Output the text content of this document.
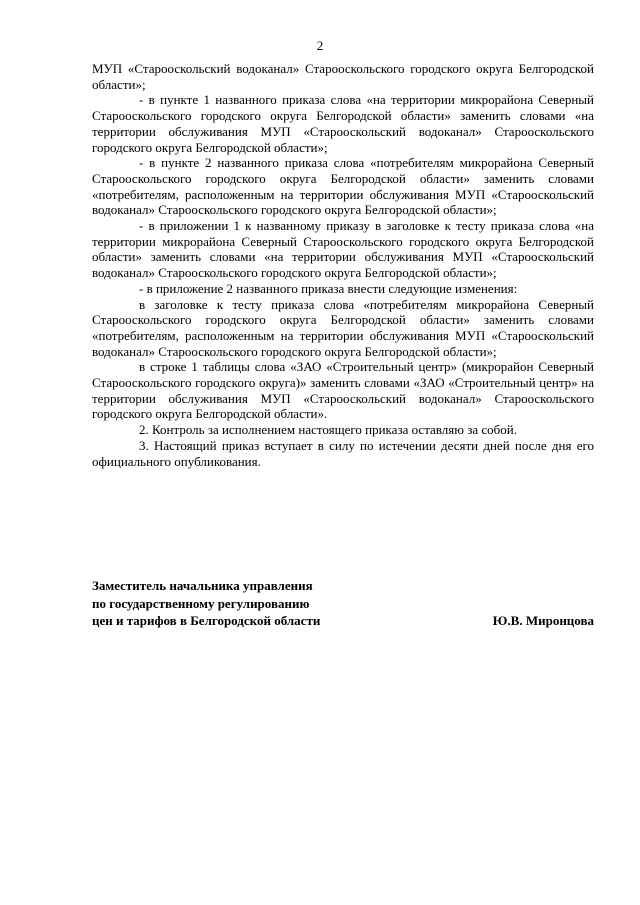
2

МУП «Старооскольский водоканал» Старооскольского городского округа Белгородской области»;

- в пункте 1 названного приказа слова «на территории микрорайона Северный Старооскольского городского округа Белгородской области» заменить словами «на территории обслуживания МУП «Старооскольский водоканал» Старооскольского городского округа Белгородской области»;

- в пункте 2 названного приказа слова «потребителям микрорайона Северный Старооскольского городского округа Белгородской области» заменить словами «потребителям, расположенным на территории обслуживания МУП «Старооскольский водоканал» Старооскольского городского округа Белгородской области»;

- в приложении 1 к названному приказу в заголовке к тесту приказа слова «на территории микрорайона Северный Старооскольского городского округа Белгородской области» заменить словами «на территории обслуживания МУП «Старооскольский водоканал» Старооскольского городского округа Белгородской области»;

- в приложение 2 названного приказа внести следующие изменения:

в заголовке к тесту приказа слова «потребителям микрорайона Северный Старооскольского городского округа Белгородской области» заменить словами «потребителям, расположенным на территории обслуживания МУП «Старооскольский водоканал» Старооскольского городского округа Белгородской области»;

в строке 1 таблицы слова «ЗАО «Строительный центр» (микрорайон Северный Старооскольского городского округа)» заменить словами «ЗАО «Строительный центр» на территории обслуживания МУП «Старооскольский водоканал» Старооскольского городского округа Белгородской области».

2. Контроль за исполнением настоящего приказа оставляю за собой.

3. Настоящий приказ вступает в силу по истечении десяти дней после дня его официального опубликования.

Заместитель начальника управления
по государственному регулированию
цен и тарифов в Белгородской области	Ю.В. Миронцова
